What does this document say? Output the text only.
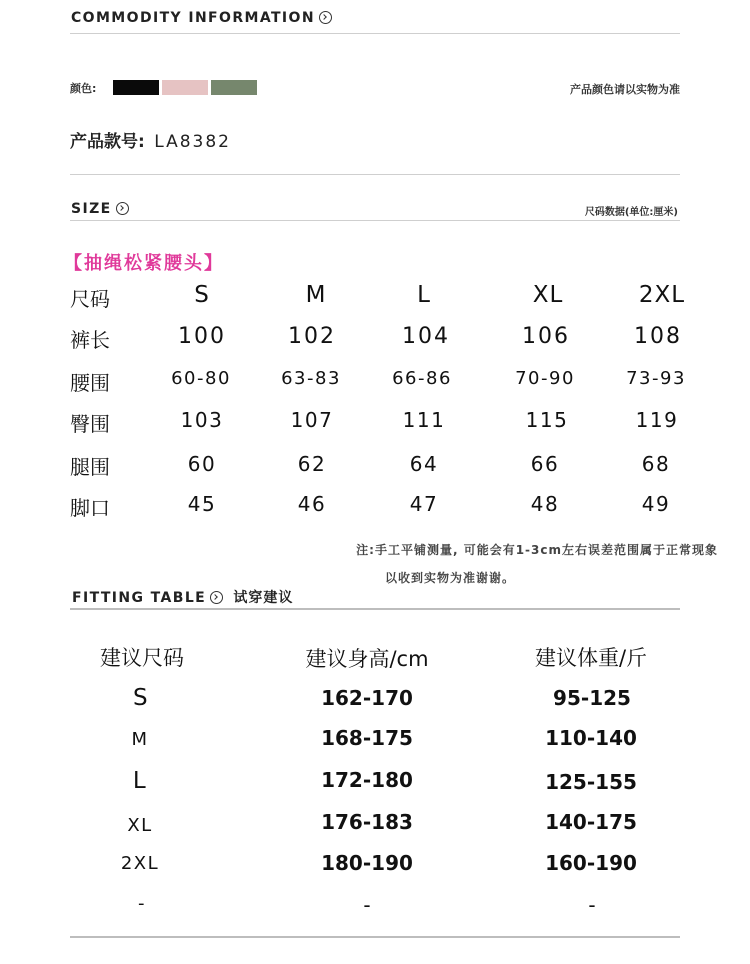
COMMODITY INFORMATION
颜色:	产品颜色请以实物为准
产品款号: LA8382
SIZE	尺码数据(单位:厘米)
【抽绳松紧腰头】
尺码	S	M	L	XL	2XL
裤长	100	102	104	106	108
腰围	60-80	63-83	66-86	70-90	73-93
臀围	103	107	111	115	119
腿围	60	62	64	66	68
脚口	45	46	47	48	49
注:手工平铺测量, 可能会有1-3cm左右误差范围属于正常现象
以收到实物为准谢谢。
FITTING TABLE 试穿建议
建议尺码	建议身高/cm	建议体重/斤
S	162-170	95-125
M	168-175	110-140
L	172-180	125-155
XL	176-183	140-175
2XL	180-190	160-190
-	-	-
